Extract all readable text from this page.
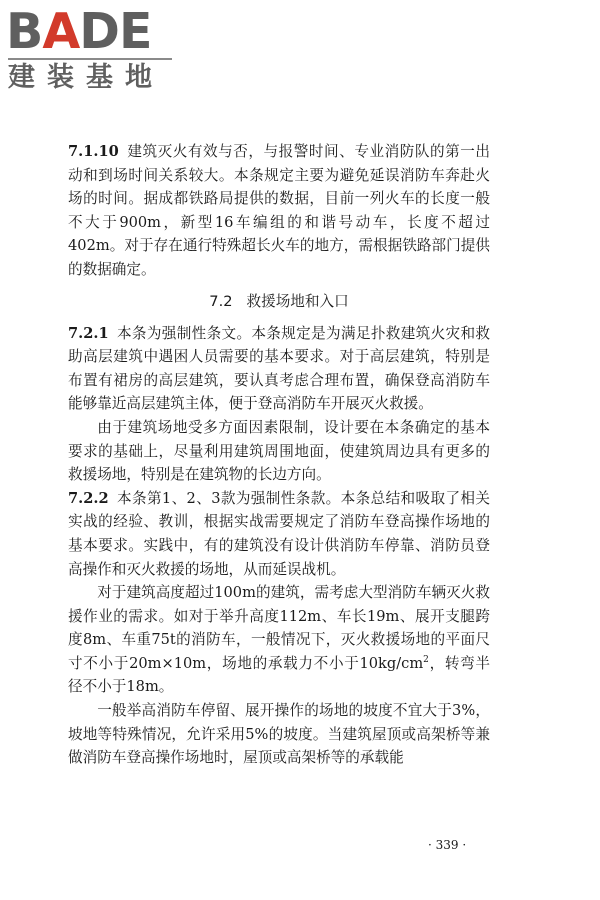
BADE
建装基地

7.1.10 建筑灭火有效与否，与报警时间、专业消防队的第一出动和到场时间关系较大。本条规定主要为避免延误消防车奔赴火场的时间。据成都铁路局提供的数据，目前一列火车的长度一般不大于900m，新型16车编组的和谐号动车，长度不超过402m。对于存在通行特殊超长火车的地方，需根据铁路部门提供的数据确定。

7.2 救援场地和入口

7.2.1 本条为强制性条文。本条规定是为满足扑救建筑火灾和救助高层建筑中遇困人员需要的基本要求。对于高层建筑，特别是布置有裙房的高层建筑，要认真考虑合理布置，确保登高消防车能够靠近高层建筑主体，便于登高消防车开展灭火救援。

由于建筑场地受多方面因素限制，设计要在本条确定的基本要求的基础上，尽量利用建筑周围地面，使建筑周边具有更多的救援场地，特别是在建筑物的长边方向。

7.2.2 本条第1、2、3款为强制性条款。本条总结和吸取了相关实战的经验、教训，根据实战需要规定了消防车登高操作场地的基本要求。实践中，有的建筑没有设计供消防车停靠、消防员登高操作和灭火救援的场地，从而延误战机。

对于建筑高度超过100m的建筑，需考虑大型消防车辆灭火救援作业的需求。如对于举升高度112m、车长19m、展开支腿跨度8m、车重75t的消防车，一般情况下，灭火救援场地的平面尺寸不小于20m×10m，场地的承载力不小于$10kg/cm^2$，转弯半径不小于18m。

一般举高消防车停留、展开操作的场地的坡度不宜大于3%，坡地等特殊情况，允许采用5%的坡度。当建筑屋顶或高架桥等兼做消防车登高操作场地时，屋顶或高架桥等的承载能

· 339 ·
